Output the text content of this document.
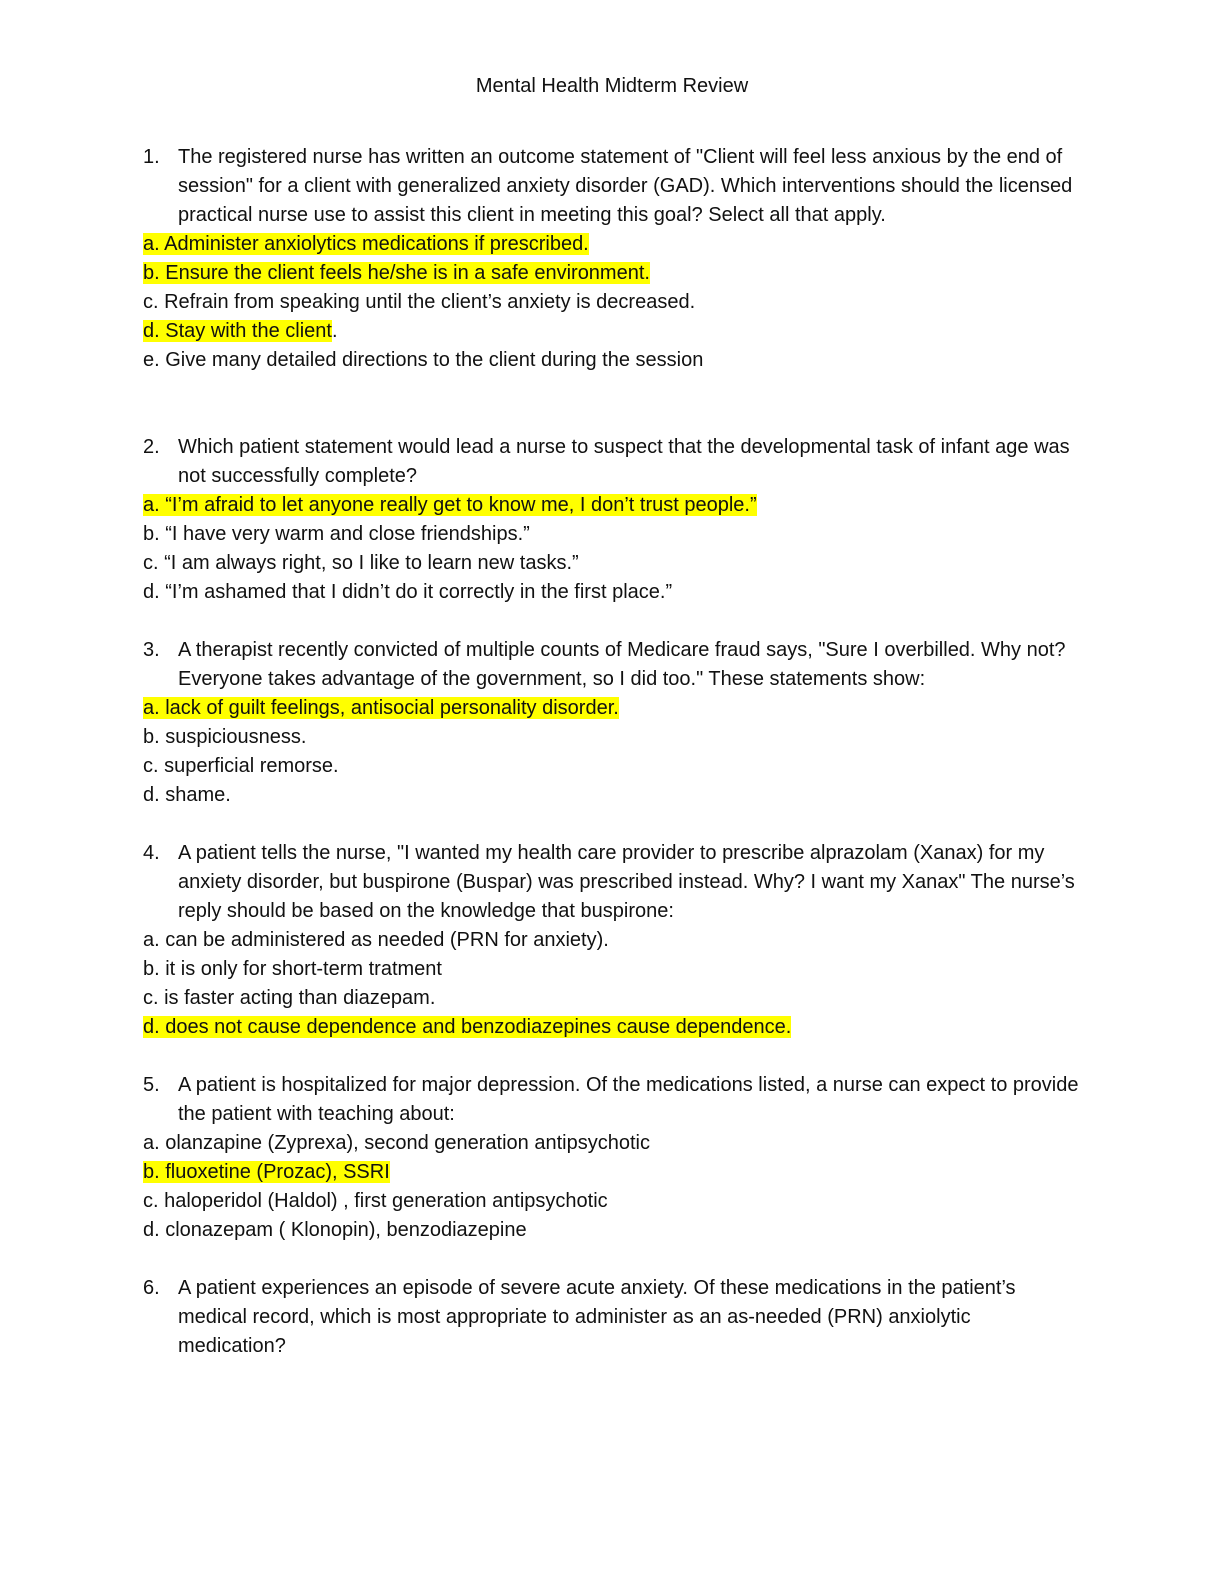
Mental Health Midterm Review
1. The registered nurse has written an outcome statement of "Client will feel less anxious by the end of session" for a client with generalized anxiety disorder (GAD). Which interventions should the licensed practical nurse use to assist this client in meeting this goal? Select all that apply.
a. Administer anxiolytics medications if prescribed.
b. Ensure the client feels he/she is in a safe environment.
c. Refrain from speaking until the client’s anxiety is decreased.
d. Stay with the client.
e. Give many detailed directions to the client during the session
2. Which patient statement would lead a nurse to suspect that the developmental task of infant age was not successfully complete?
a. “I’m afraid to let anyone really get to know me, I don’t trust people.”
b. “I have very warm and close friendships.”
c. “I am always right, so I like to learn new tasks.”
d. “I’m ashamed that I didn’t do it correctly in the first place.”
3. A therapist recently convicted of multiple counts of Medicare fraud says, "Sure I overbilled. Why not? Everyone takes advantage of the government, so I did too." These statements show:
a. lack of guilt feelings, antisocial personality disorder.
b. suspiciousness.
c. superficial remorse.
d. shame.
4. A patient tells the nurse, "I wanted my health care provider to prescribe alprazolam (Xanax) for my anxiety disorder, but buspirone (Buspar) was prescribed instead. Why? I want my Xanax" The nurse’s reply should be based on the knowledge that buspirone:
a. can be administered as needed (PRN for anxiety).
b. it is only for short-term tratment
c. is faster acting than diazepam.
d. does not cause dependence and benzodiazepines cause dependence.
5. A patient is hospitalized for major depression. Of the medications listed, a nurse can expect to provide the patient with teaching about:
a. olanzapine (Zyprexa), second generation antipsychotic
b. fluoxetine (Prozac), SSRI
c. haloperidol (Haldol) , first generation antipsychotic
d. clonazepam ( Klonopin), benzodiazepine
6. A patient experiences an episode of severe acute anxiety. Of these medications in the patient’s medical record, which is most appropriate to administer as an as-needed (PRN) anxiolytic medication?
